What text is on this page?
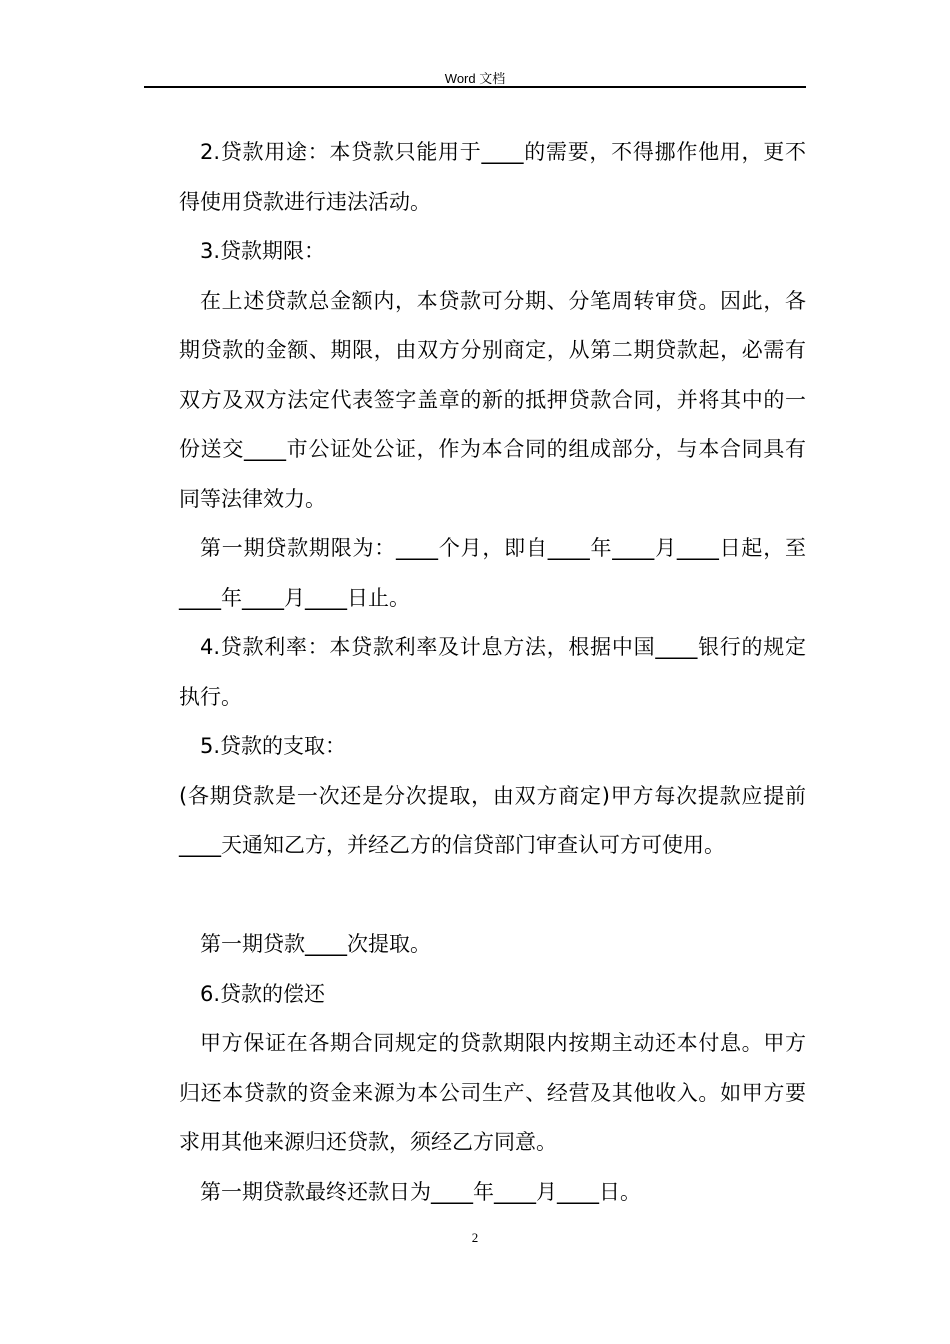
Word 文档

2.贷款用途：本贷款只能用于____的需要，不得挪作他用，更不得使用贷款进行违法活动。

3.贷款期限：

在上述贷款总金额内，本贷款可分期、分笔周转审贷。因此，各期贷款的金额、期限，由双方分别商定，从第二期贷款起，必需有双方及双方法定代表签字盖章的新的抵押贷款合同，并将其中的一份送交____市公证处公证，作为本合同的组成部分，与本合同具有同等法律效力。

第一期贷款期限为：____个月，即自____年____月____日起，至____年____月____日止。

4.贷款利率：本贷款利率及计息方法，根据中国____银行的规定执行。

5.贷款的支取：

(各期贷款是一次还是分次提取，由双方商定)甲方每次提款应提前____天通知乙方，并经乙方的信贷部门审查认可方可使用。

第一期贷款____次提取。

6.贷款的偿还

甲方保证在各期合同规定的贷款期限内按期主动还本付息。甲方归还本贷款的资金来源为本公司生产、经营及其他收入。如甲方要求用其他来源归还贷款，须经乙方同意。

第一期贷款最终还款日为____年____月____日。

2
